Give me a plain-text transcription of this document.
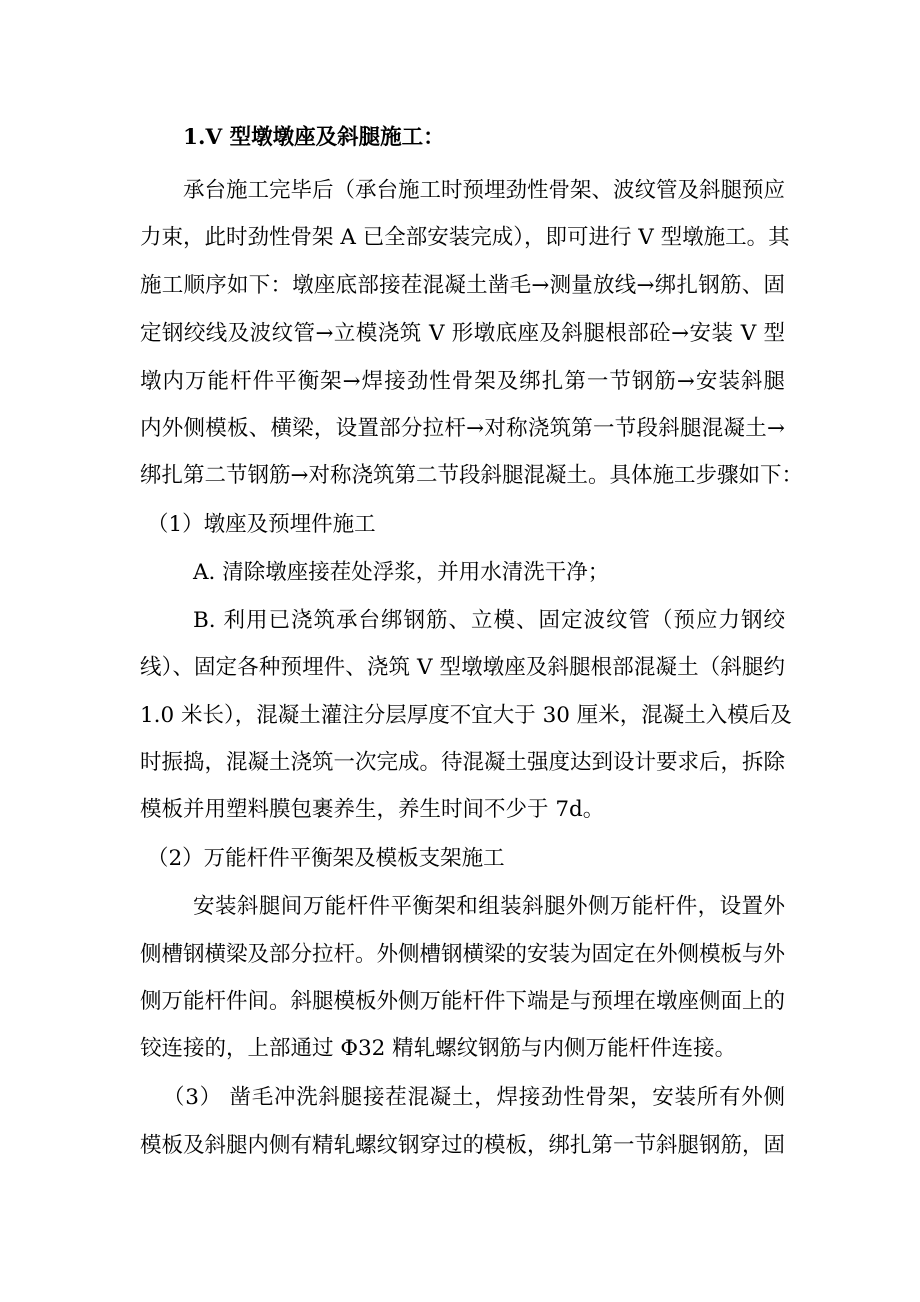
1.V 型墩墩座及斜腿施工：
承台施工完毕后（承台施工时预埋劲性骨架、波纹管及斜腿预应
力束，此时劲性骨架 A 已全部安装完成），即可进行 V 型墩施工。其
施工顺序如下：墩座底部接茬混凝土凿毛→测量放线→绑扎钢筋、固
定钢绞线及波纹管→立模浇筑 V 形墩底座及斜腿根部砼→安装 V 型
墩内万能杆件平衡架→焊接劲性骨架及绑扎第一节钢筋→安装斜腿
内外侧模板、横梁，设置部分拉杆→对称浇筑第一节段斜腿混凝土→
绑扎第二节钢筋→对称浇筑第二节段斜腿混凝土。具体施工步骤如下：
（1）墩座及预埋件施工
A. 清除墩座接茬处浮浆，并用水清洗干净；
B. 利用已浇筑承台绑钢筋、立模、固定波纹管（预应力钢绞
线）、固定各种预埋件、浇筑 V 型墩墩座及斜腿根部混凝土（斜腿约
1.0 米长），混凝土灌注分层厚度不宜大于 30 厘米，混凝土入模后及
时振捣，混凝土浇筑一次完成。待混凝土强度达到设计要求后，拆除
模板并用塑料膜包裹养生，养生时间不少于 7d。
（2）万能杆件平衡架及模板支架施工
安装斜腿间万能杆件平衡架和组装斜腿外侧万能杆件，设置外
侧槽钢横梁及部分拉杆。外侧槽钢横梁的安装为固定在外侧模板与外
侧万能杆件间。斜腿模板外侧万能杆件下端是与预埋在墩座侧面上的
铰连接的，上部通过 Φ32 精轧螺纹钢筋与内侧万能杆件连接。
（3） 凿毛冲洗斜腿接茬混凝土，焊接劲性骨架，安装所有外侧
模板及斜腿内侧有精轧螺纹钢穿过的模板，绑扎第一节斜腿钢筋，固
